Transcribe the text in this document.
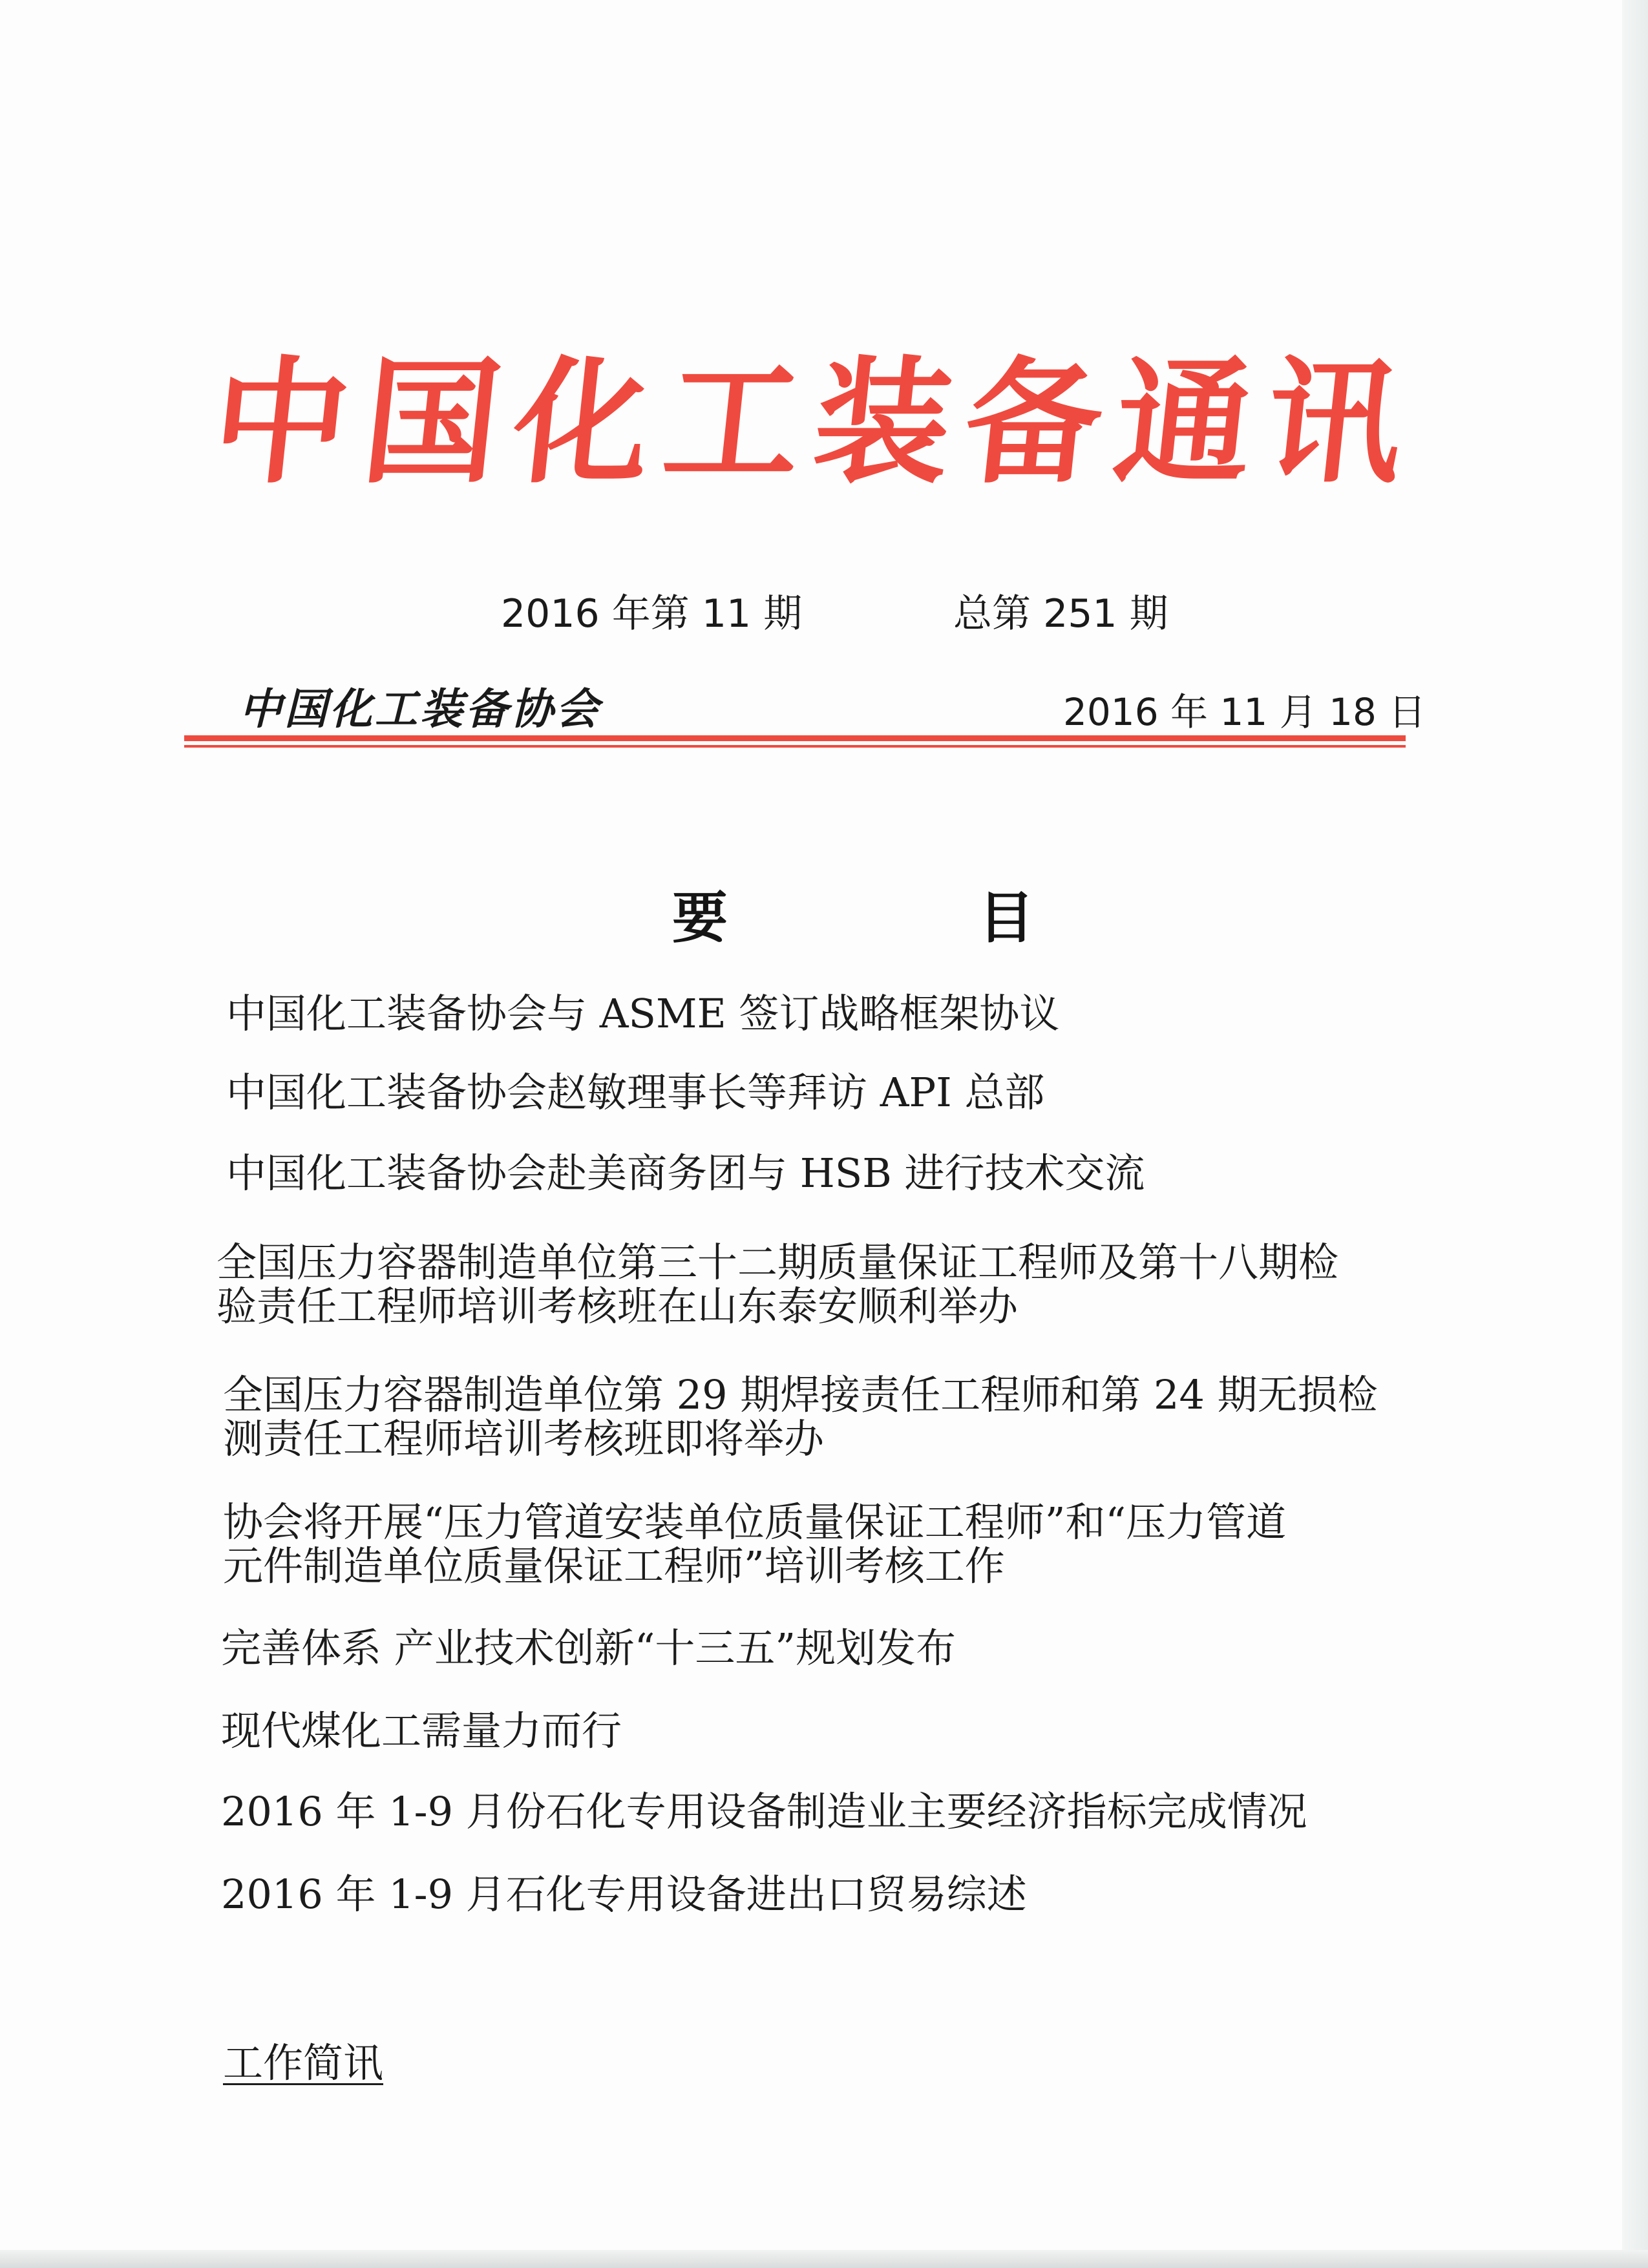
中
国
化
工
装
备
通
讯
2016 年第 11 期	总第 251 期
中国化工装备协会	2016 年 11 月 18 日
要	目
中国化工装备协会与 ASME 签订战略框架协议
中国化工装备协会赵敏理事长等拜访 API 总部
中国化工装备协会赴美商务团与 HSB 进行技术交流
全国压力容器制造单位第三十二期质量保证工程师及第十八期检
验责任工程师培训考核班在山东泰安顺利举办
全国压力容器制造单位第 29 期焊接责任工程师和第 24 期无损检
测责任工程师培训考核班即将举办
协会将开展“压力管道安装单位质量保证工程师”和“压力管道
元件制造单位质量保证工程师”培训考核工作
完善体系 产业技术创新“十三五”规划发布
现代煤化工需量力而行
2016 年 1-9 月份石化专用设备制造业主要经济指标完成情况
2016 年 1-9 月石化专用设备进出口贸易综述
工作简讯
